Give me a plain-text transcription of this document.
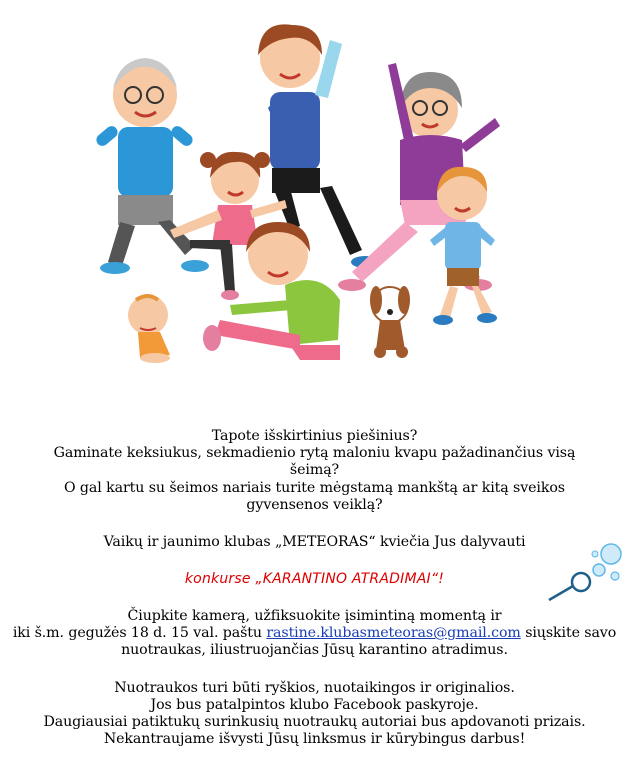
Tapote išskirtinius piešinius?
Gaminate keksiukus, sekmadienio rytą maloniu kvapu pažadinančius visą
šeimą?
O gal kartu su šeimos nariais turite mėgstamą mankštą ar kitą sveikos
gyvensenos veiklą?
Vaikų ir jaunimo klubas „METEORAS“ kviečia Jus dalyvauti
konkurse „KARANTINO ATRADIMAI“!
Čiupkite kamerą, užfiksuokite įsimintiną momentą ir
iki š.m. gegužės 18 d. 15 val. paštu rastine.klubasmeteoras@gmail.com siųskite savo
nuotraukas, iliustruojančias Jūsų karantino atradimus.
Nuotraukos turi būti ryškios, nuotaikingos ir originalios.
Jos bus patalpintos klubo Facebook paskyroje.
Daugiausiai patiktukų surinkusių nuotraukų autoriai bus apdovanoti prizais.
Nekantraujame išvysti Jūsų linksmus ir kūrybingus darbus!
